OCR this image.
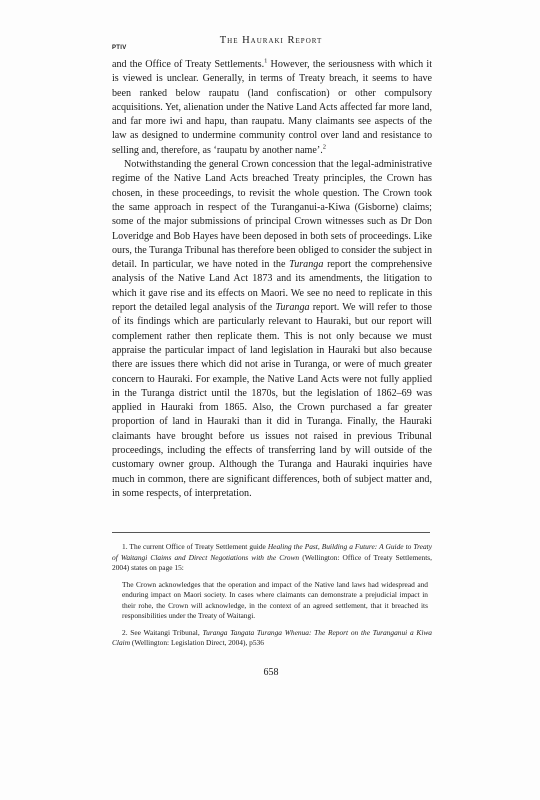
PTIV
The Hauraki Report

and the Office of Treaty Settlements.$^1$ However, the seriousness with which it is viewed is unclear. Generally, in terms of Treaty breach, it seems to have been ranked below raupatu (land confiscation) or other compulsory acquisitions. Yet, alienation under the Native Land Acts affected far more land, and far more iwi and hapu, than raupatu. Many claimants see aspects of the law as designed to undermine community control over land and resistance to selling and, therefore, as ‘raupatu by another name’.$^2$

Notwithstanding the general Crown concession that the legal-administrative regime of the Native Land Acts breached Treaty principles, the Crown has chosen, in these proceedings, to revisit the whole question. The Crown took the same approach in respect of the Turanganui-a-Kiwa (Gisborne) claims; some of the major submissions of principal Crown witnesses such as Dr Don Loveridge and Bob Hayes have been deposed in both sets of proceedings. Like ours, the Turanga Tribunal has therefore been obliged to consider the subject in detail. In particular, we have noted in the Turanga report the comprehensive analysis of the Native Land Act 1873 and its amendments, the litigation to which it gave rise and its effects on Maori. We see no need to replicate in this report the detailed legal analysis of the Turanga report. We will refer to those of its findings which are particularly relevant to Hauraki, but our report will complement rather then replicate them. This is not only because we must appraise the particular impact of land legislation in Hauraki but also because there are issues there which did not arise in Turanga, or were of much greater concern to Hauraki. For example, the Native Land Acts were not fully applied in the Turanga district until the 1870s, but the legislation of 1862–69 was applied in Hauraki from 1865. Also, the Crown purchased a far greater proportion of land in Hauraki than it did in Turanga. Finally, the Hauraki claimants have brought before us issues not raised in previous Tribunal proceedings, including the effects of transferring land by will outside of the customary owner group. Although the Turanga and Hauraki inquiries have much in common, there are significant differences, both of subject matter and, in some respects, of interpretation.

1. The current Office of Treaty Settlement guide Healing the Past, Building a Future: A Guide to Treaty of Waitangi Claims and Direct Negotiations with the Crown (Wellington: Office of Treaty Settlements, 2004) states on page 15:

The Crown acknowledges that the operation and impact of the Native land laws had widespread and enduring impact on Maori society. In cases where claimants can demonstrate a prejudicial impact in their rohe, the Crown will acknowledge, in the context of an agreed settlement, that it breached its responsibilities under the Treaty of Waitangi.

2. See Waitangi Tribunal, Turanga Tangata Turanga Whenua: The Report on the Turanganui a Kiwa Claim (Wellington: Legislation Direct, 2004), p536

658
